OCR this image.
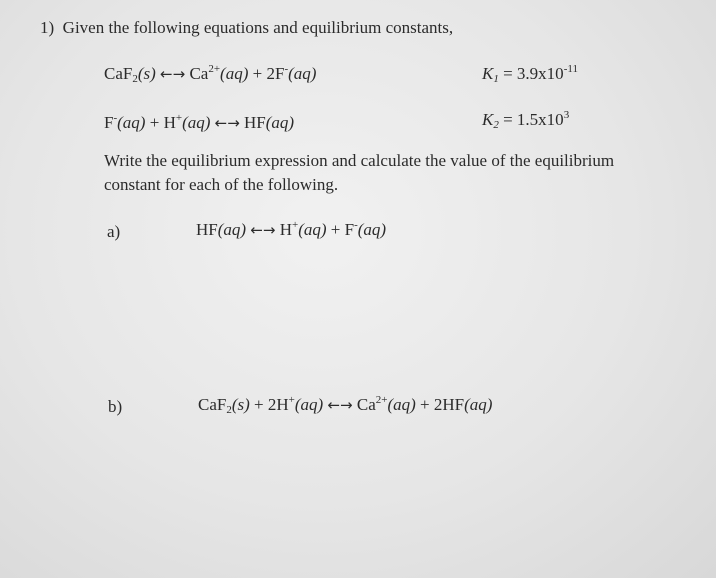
1) Given the following equations and equilibrium constants,
CaF$_2$(s) ←→ $Ca^{2+}(aq) + 2F^-(aq)$	$K_1 = 3.9x10^{-11}$
F-(aq) + H+(aq) ←→ HF(aq)	$K_2 = 1.5x10^3$
Write the equilibrium expression and calculate the value of the equilibrium
constant for each of the following.
a)	HF(aq) ←→ H+(aq) + F-(aq)
b)	CaF$_2$(s) + 2H+(aq) ←→ $Ca^{2+}(aq) + 2HF(aq)$
